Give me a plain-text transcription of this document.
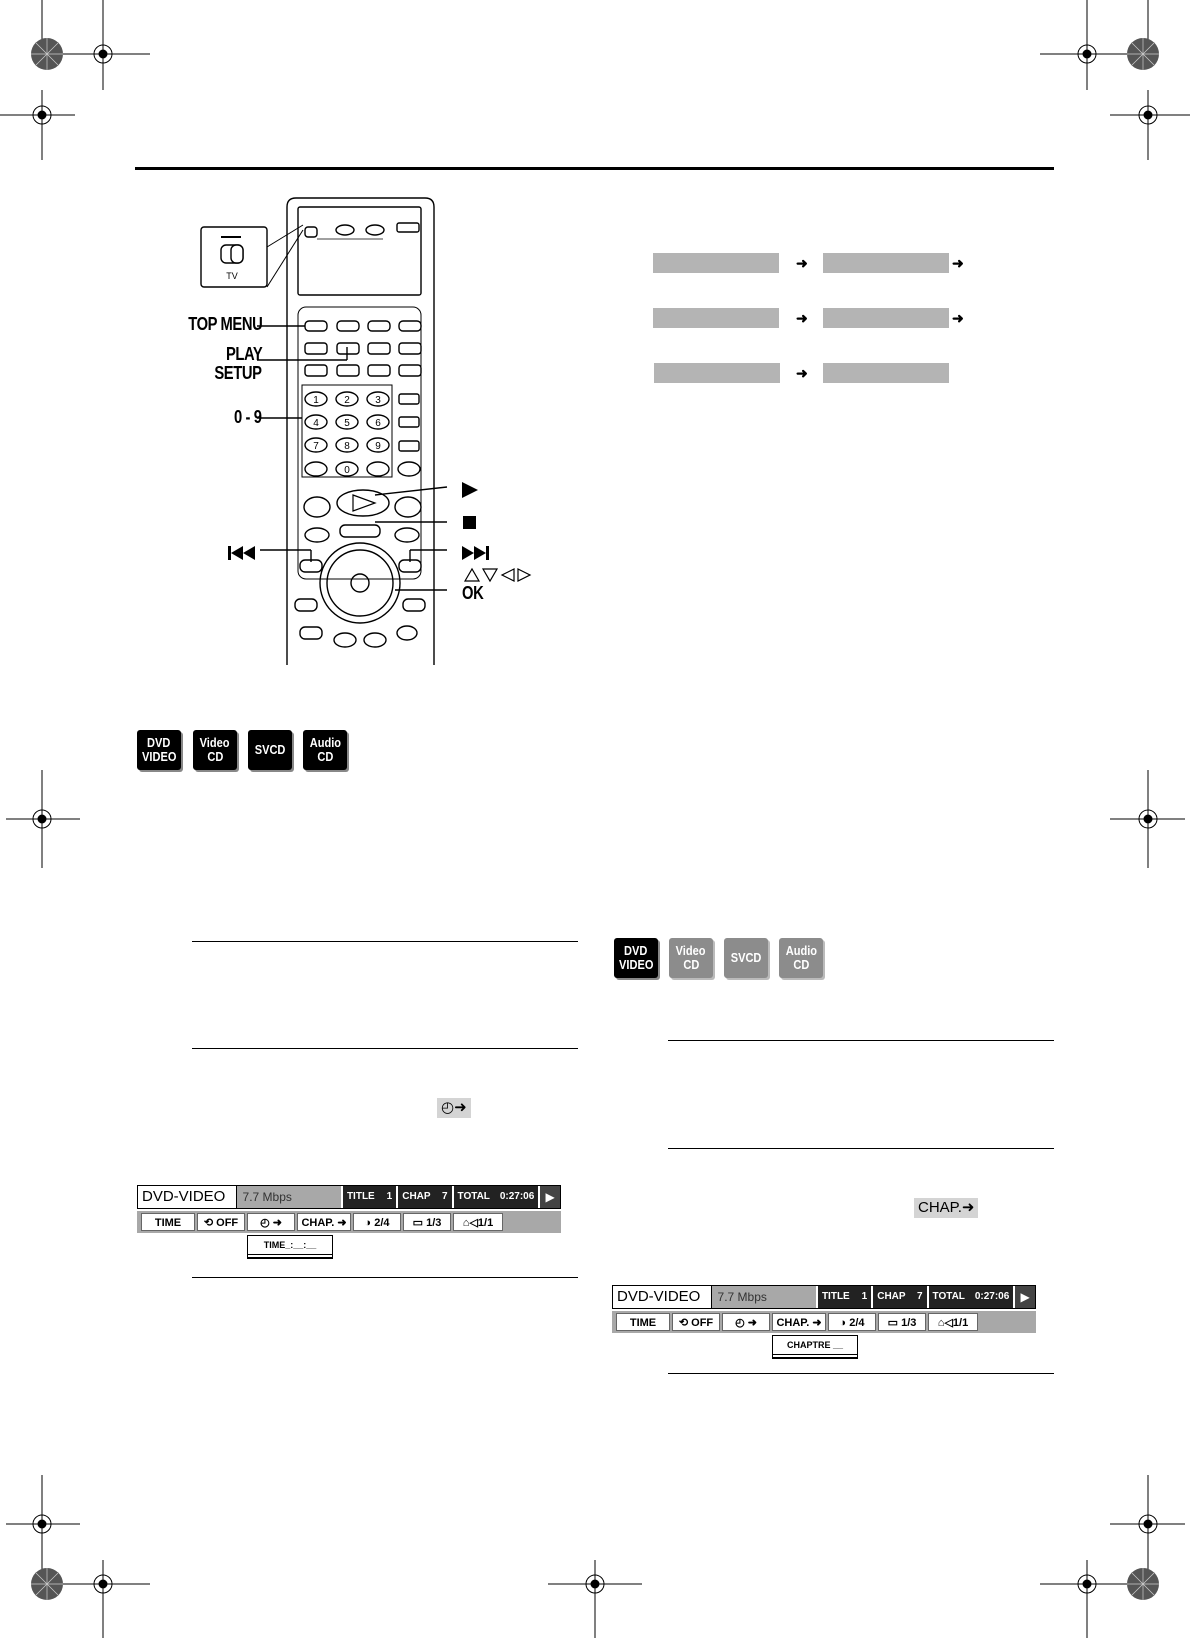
1	2	3
4	5	6
7	8	9
0
TV
TOP MENU
PLAY
SETUP
0 - 9
OK
➜	➜
➜	➜
➜
DVD
VIDEO
Video
CD SVCD Audio
CD
DVD
VIDEO
Video
CD SVCD Audio
CD
◴➜
CHAP.➜
DVD-VIDEO	7.7 Mbps	TITLE 1 CHAP 7 TOTAL 0:27:06 ▶
TIME	⟲ OFF	◴ ➜	CHAP. ➜	◑ 2/4	▭ 1/3	⌂◁1/1
TIME_:__:__
DVD-VIDEO	7.7 Mbps	TITLE 1 CHAP 7 TOTAL 0:27:06 ▶
TIME	⟲ OFF	◴ ➜	CHAP. ➜	◑ 2/4	▭ 1/3	⌂◁1/1
CHAPTRE __
